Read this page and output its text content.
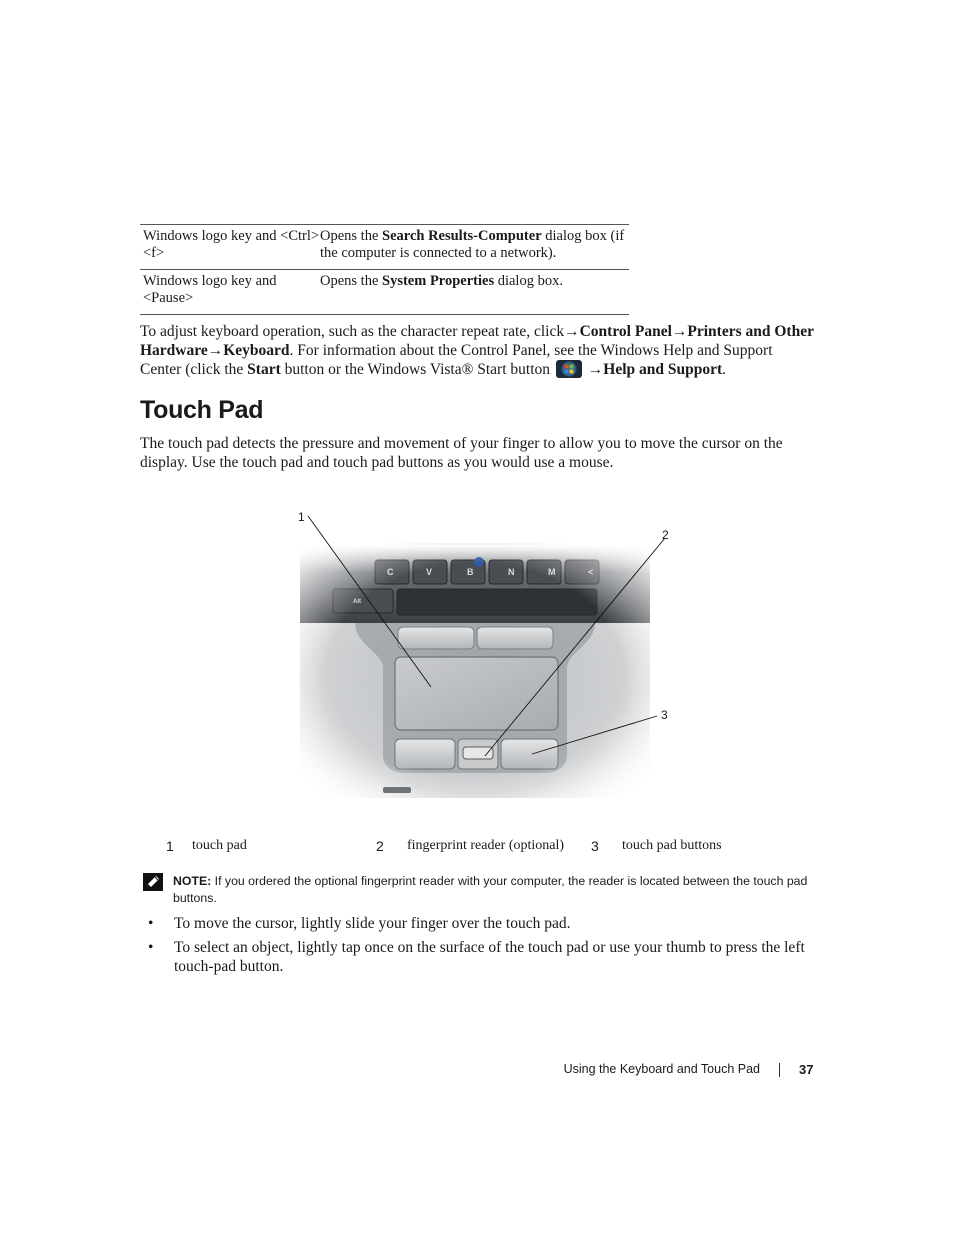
Windows logo key and <Ctrl><f>
Opens the Search Results-Computer dialog box (if the computer is connected to a network).
Windows logo key and <Pause>
Opens the System Properties dialog box.
To adjust keyboard operation, such as the character repeat rate, click→Control Panel→Printers and Other Hardware→Keyboard. For information about the Control Panel, see the Windows Help and Support Center (click the Start button or the Windows Vista® Start button  →Help and Support.
Touch Pad
The touch pad detects the pressure and movement of your finger to allow you to move the cursor on the display. Use the touch pad and touch pad buttons as you would use a mouse.
1
2
3
1 touch pad	2 fingerprint reader (optional) 3 touch pad buttons
NOTE: If you ordered the optional fingerprint reader with your computer, the reader is located between the touch pad buttons.
• To move the cursor, lightly slide your finger over the touch pad.
• To select an object, lightly tap once on the surface of the touch pad or use your thumb to press the left touch-pad button.
Using the Keyboard and Touch Pad	37
